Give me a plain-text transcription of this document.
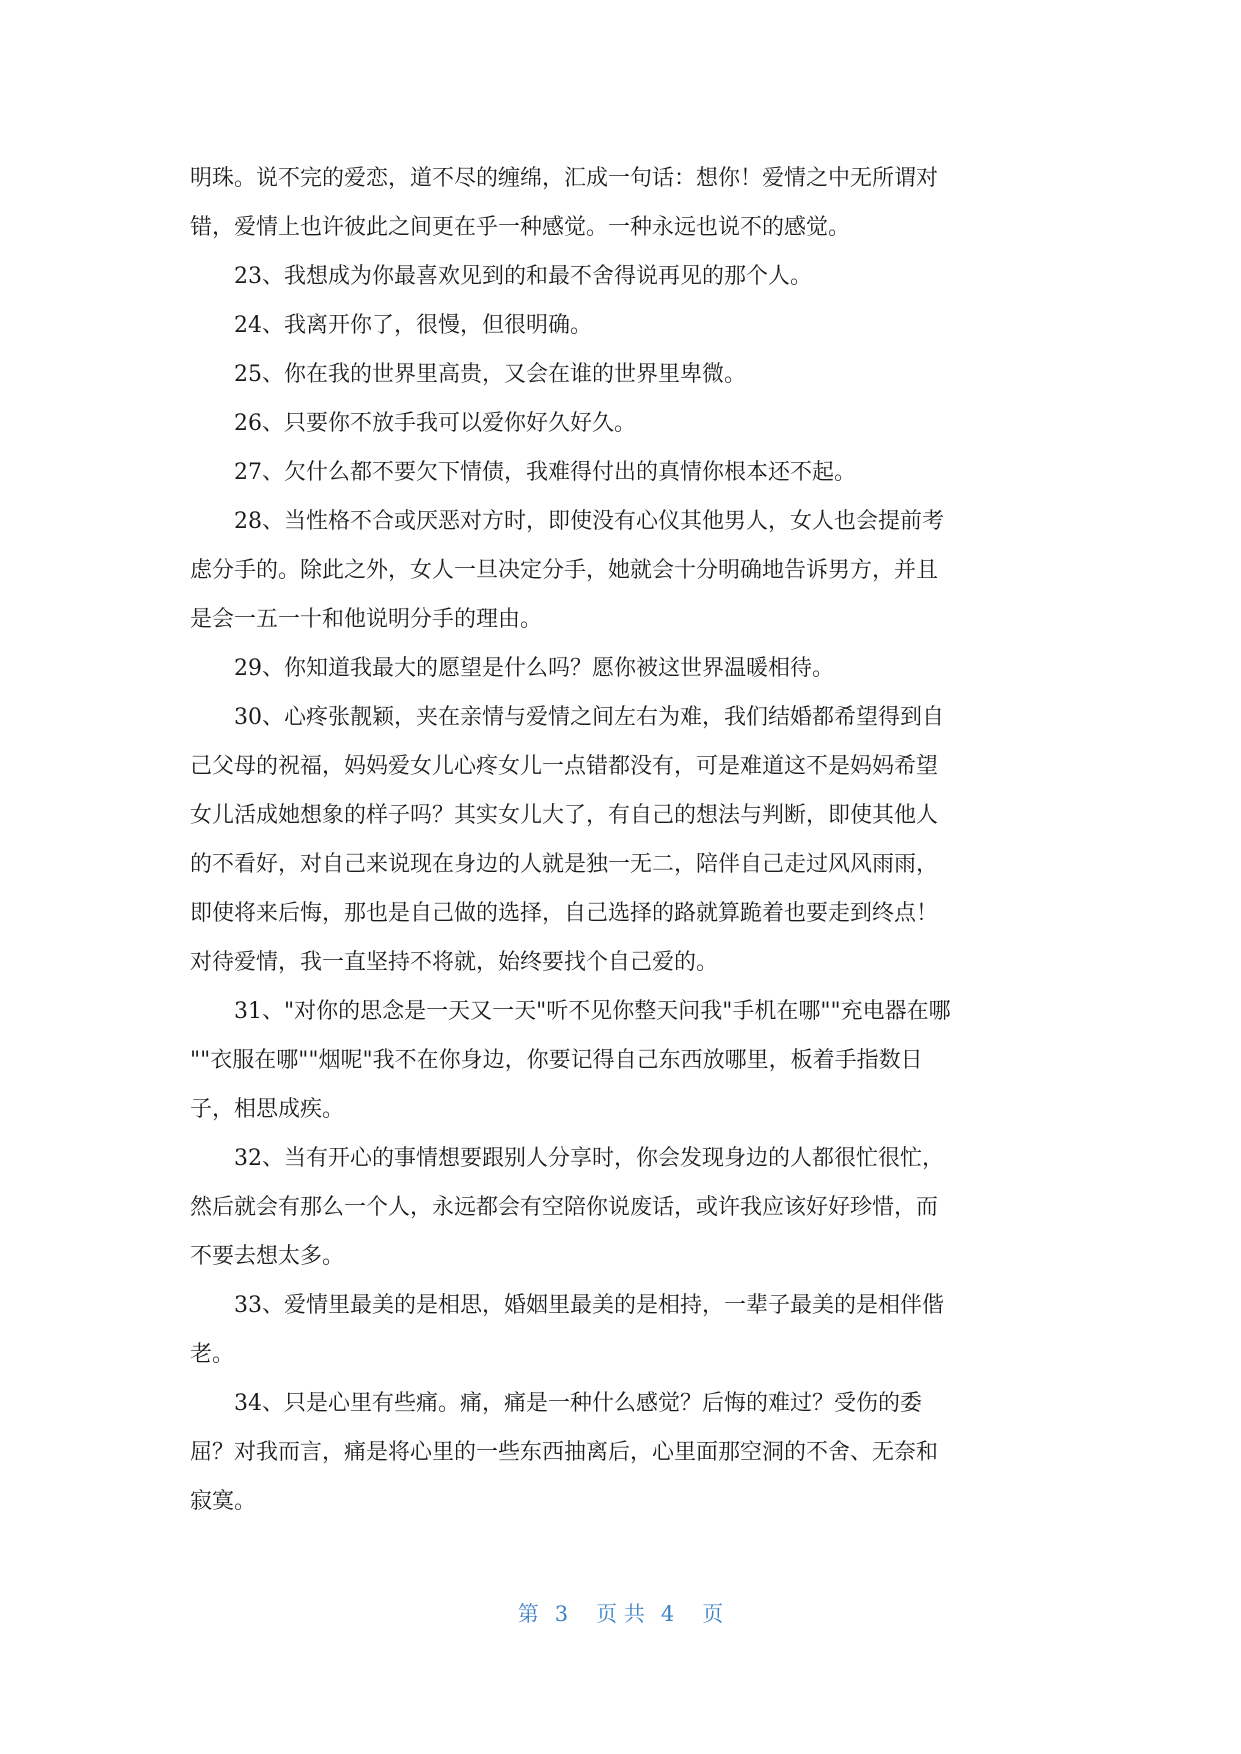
明珠。说不完的爱恋，道不尽的缠绵，汇成一句话：想你！爱情之中无所谓对
错，爱情上也许彼此之间更在乎一种感觉。一种永远也说不的感觉。
　　23、我想成为你最喜欢见到的和最不舍得说再见的那个人。
　　24、我离开你了，很慢，但很明确。
　　25、你在我的世界里高贵，又会在谁的世界里卑微。
　　26、只要你不放手我可以爱你好久好久。
　　27、欠什么都不要欠下情债，我难得付出的真情你根本还不起。
　　28、当性格不合或厌恶对方时，即使没有心仪其他男人，女人也会提前考
虑分手的。除此之外，女人一旦决定分手，她就会十分明确地告诉男方，并且
是会一五一十和他说明分手的理由。
　　29、你知道我最大的愿望是什么吗？愿你被这世界温暖相待。
　　30、心疼张靓颖，夹在亲情与爱情之间左右为难，我们结婚都希望得到自
己父母的祝福，妈妈爱女儿心疼女儿一点错都没有，可是难道这不是妈妈希望
女儿活成她想象的样子吗？其实女儿大了，有自己的想法与判断，即使其他人
的不看好，对自己来说现在身边的人就是独一无二，陪伴自己走过风风雨雨，
即使将来后悔，那也是自己做的选择，自己选择的路就算跪着也要走到终点！
对待爱情，我一直坚持不将就，始终要找个自己爱的。
　　31、"对你的思念是一天又一天"听不见你整天问我"手机在哪""充电器在哪
""衣服在哪""烟呢"我不在你身边，你要记得自己东西放哪里，板着手指数日
子，相思成疾。
　　32、当有开心的事情想要跟别人分享时，你会发现身边的人都很忙很忙，
然后就会有那么一个人，永远都会有空陪你说废话，或许我应该好好珍惜，而
不要去想太多。
　　33、爱情里最美的是相思，婚姻里最美的是相持，一辈子最美的是相伴偕
老。
　　34、只是心里有些痛。痛，痛是一种什么感觉？后悔的难过？受伤的委
屈？对我而言，痛是将心里的一些东西抽离后，心里面那空洞的不舍、无奈和
寂寞。
第 3 页 共 4 页
